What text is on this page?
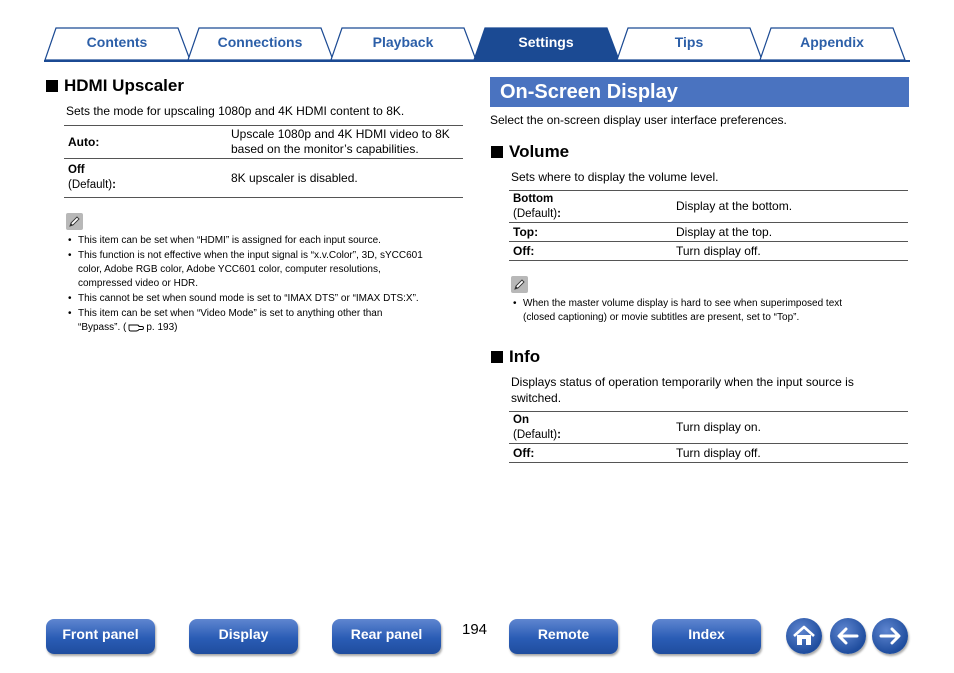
Contents	Connections	Playback	Settings	Tips	Appendix
HDMI Upscaler
Sets the mode for upscaling 1080p and 4K HDMI content to 8K.
Auto:	Upscale 1080p and 4K HDMI video to 8K
based on the monitor’s capabilities.

Off
(Default):	8K upscaler is disabled.
• This item can be set when “HDMI” is assigned for each input source.
• This function is not effective when the input signal is “x.v.Color”, 3D, sYCC601
color, Adobe RGB color, Adobe YCC601 color, computer resolutions,
compressed video or HDR.
• This cannot be set when sound mode is set to “IMAX DTS” or “IMAX DTS:X”.
• This item can be set when “Video Mode” is set to anything other than
“Bypass”. ( p. 193)
On-Screen Display
Select the on-screen display user interface preferences.
Volume
Sets where to display the volume level.
Bottom
(Default):	Display at the bottom.
Top:	Display at the top.
Off:	Turn display off.
• When the master volume display is hard to see when superimposed text
(closed captioning) or movie subtitles are present, set to “Top”.
Info
Displays status of operation temporarily when the input source is
switched.
On
(Default):	Turn display on.
Off:	Turn display off.
Front panel	Display	Rear panel	194	Remote	Index
